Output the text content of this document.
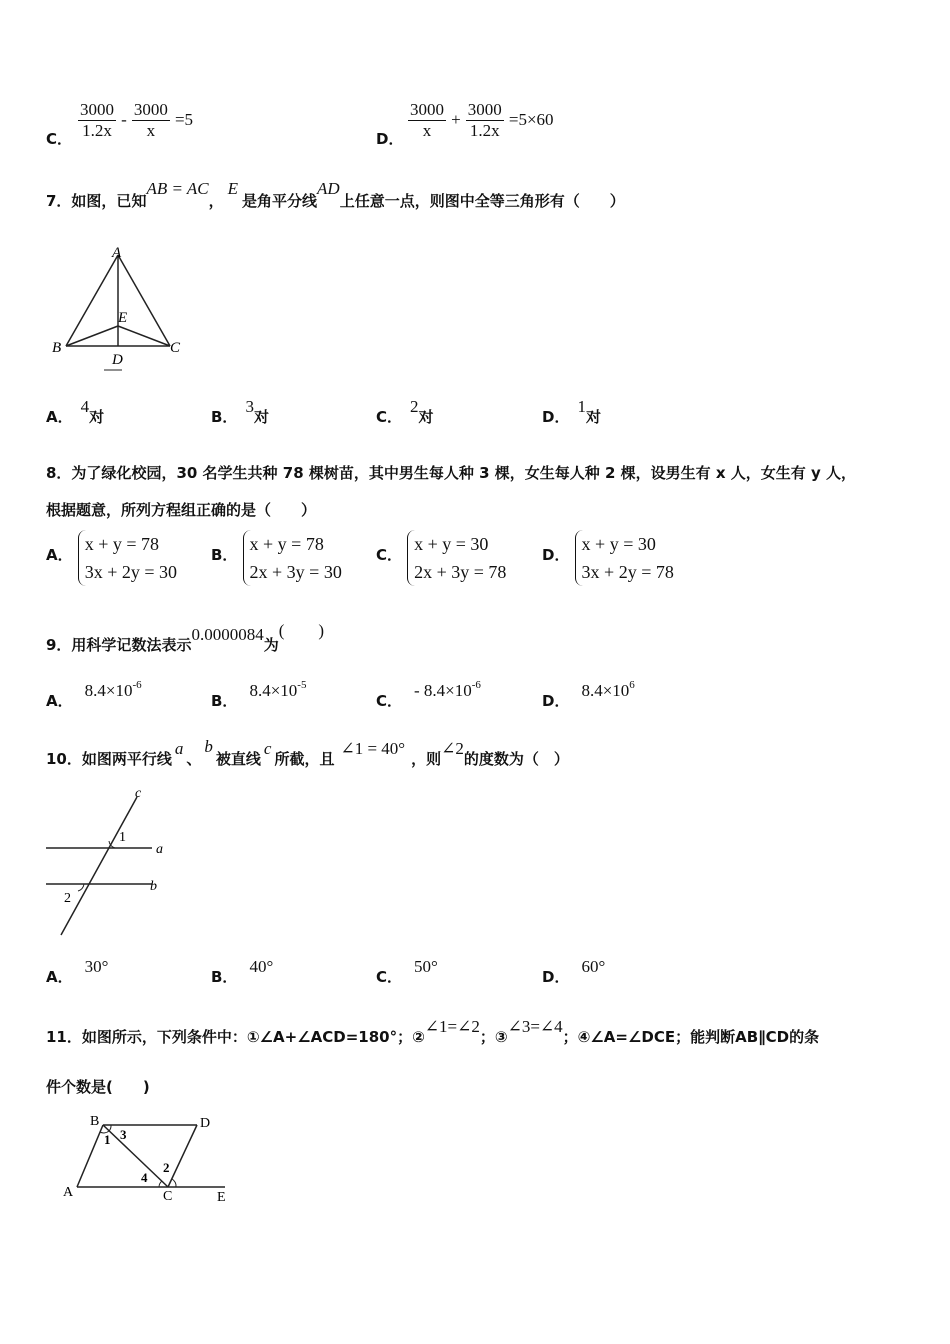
C． $\frac{3000}{1.2x} - \frac{3000}{x} =5$
D． $\frac{3000}{x} + \frac{3000}{1.2x} =5\times 60$
7．如图，已知AB = AC，E是角平分线AD上任意一点，则图中全等三角形有（　　）
A
B	C
D
E
A．4对	B．3对	C．2对	D．1对
8．为了绿化校园，30 名学生共种 78 棵树苗，其中男生每人种 3 棵，女生每人种 2 棵，设男生有 x 人，女生有 y 人，
根据题意，所列方程组正确的是（　　）
A． x + y = 78
3x + 2y = 30
B． x + y = 78
2x + 3y = 30
C． x + y = 30
2x + 3y = 78
D． x + y = 30
3x + 2y = 78
9．用科学记数法表示0.0000084为(　　)
A．$8.4\times 10^{-6}$
B．$8.4\times 10^{-5}$
C．- $8.4\times 10^{-6}$
D．$8.4\times 10^6$
10．如图两平行线a、b被直线c所截，且∠1 = 40°，则∠2的度数为（　）
c
a
b
1
2
A．30°
B．40°
C．50°
D．60°
11．如图所示，下列条件中：①∠A+∠ACD=180°；②∠1=∠2；③∠3=∠4；④∠A=∠DCE；能判断AB∥CD的条
件个数是(　　)
B	D
A	C	E
1 3
2
4
